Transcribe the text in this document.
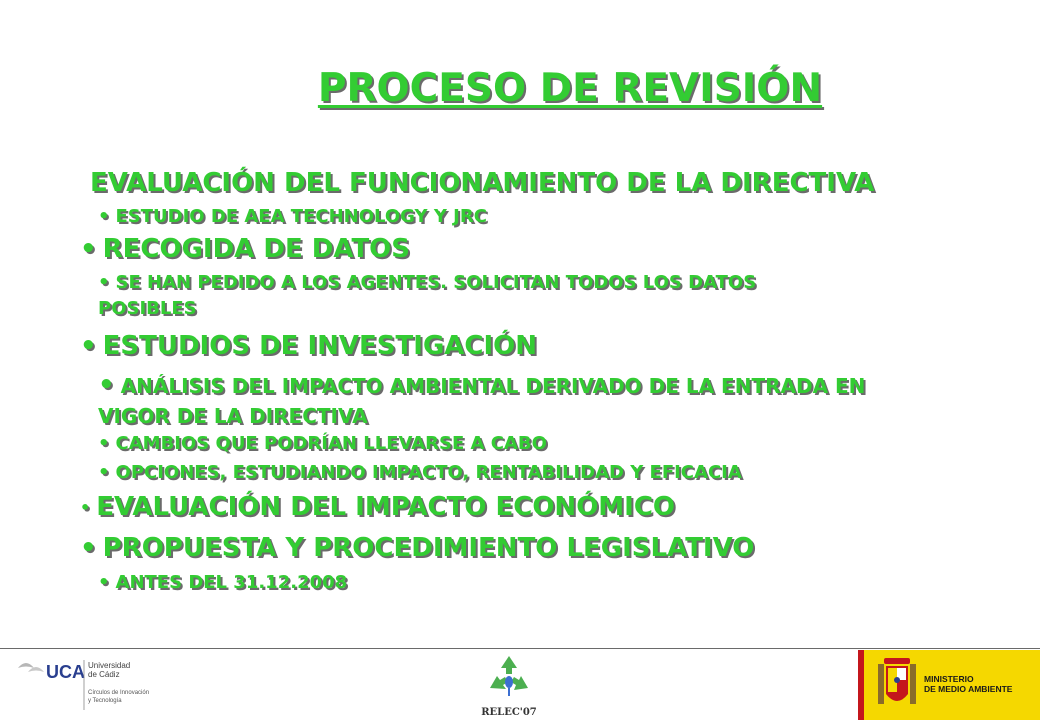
PROCESO DE REVISIÓN
EVALUACIÓN DEL FUNCIONAMIENTO DE LA DIRECTIVA
• ESTUDIO DE AEA TECHNOLOGY Y JRC
• RECOGIDA DE DATOS
• SE HAN PEDIDO A LOS AGENTES. SOLICITAN TODOS LOS DATOS
POSIBLES
• ESTUDIOS DE INVESTIGACIÓN
• ANÁLISIS DEL IMPACTO AMBIENTAL DERIVADO DE LA ENTRADA EN
VIGOR DE LA DIRECTIVA
• CAMBIOS QUE PODRÍAN LLEVARSE A CABO
• OPCIONES, ESTUDIANDO IMPACTO, RENTABILIDAD Y EFICACIA
• EVALUACIÓN DEL IMPACTO ECONÓMICO
• PROPUESTA Y PROCEDIMIENTO LEGISLATIVO
• ANTES DEL 31.12.2008
UCA Universidad
de Cádiz
Círculos de Innovación
y Tecnología
RELEC'07
MINISTERIO
DE MEDIO AMBIENTE
